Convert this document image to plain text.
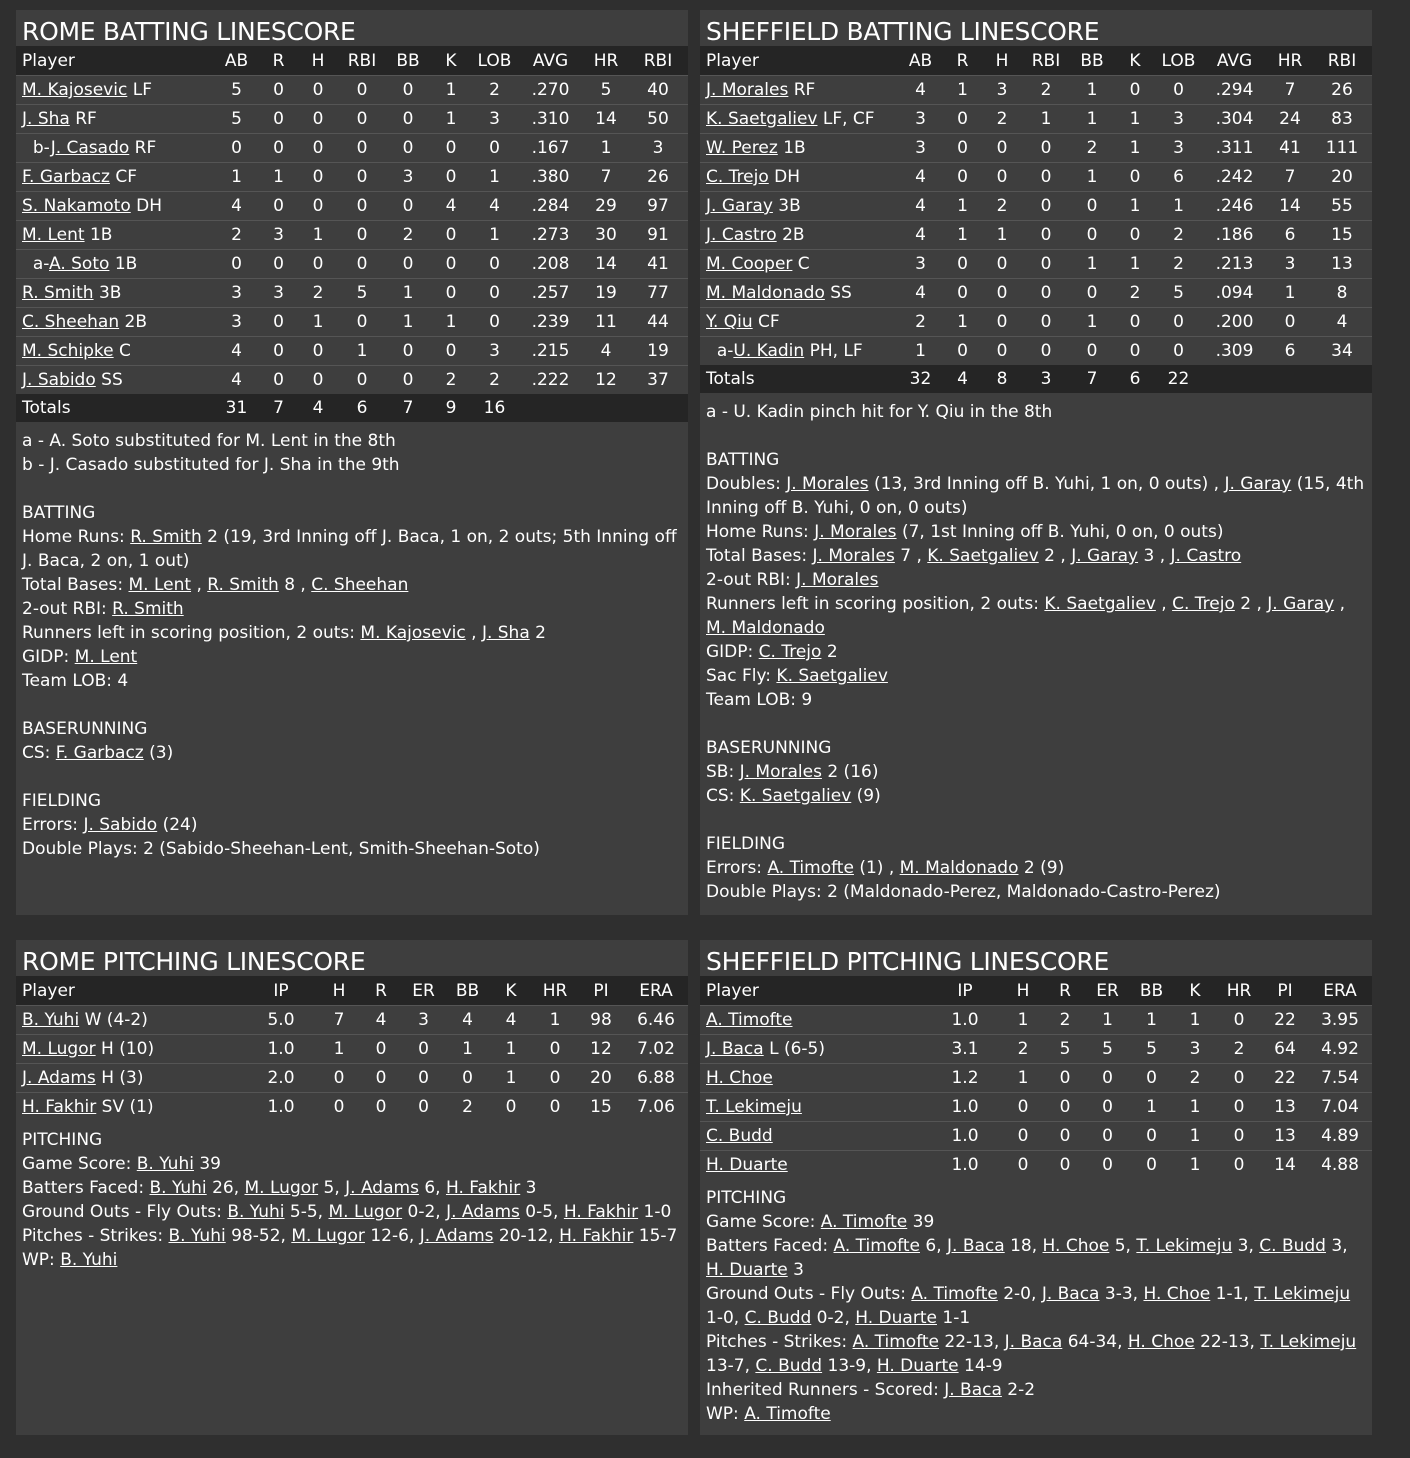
ROME BATTING LINESCORE
Player	AB	R	H	RBI	BB	K	LOB	AVG	HR	RBI
M. Kajosevic LF	5	0	0	0	0	1	2	.270	5	40
J. Sha RF	5	0	0	0	0	1	3	.310	14	50
b-J. Casado RF	0	0	0	0	0	0	0	.167	1	3
F. Garbacz CF	1	1	0	0	3	0	1	.380	7	26
S. Nakamoto DH	4	0	0	0	0	4	4	.284	29	97
M. Lent 1B	2	3	1	0	2	0	1	.273	30	91
a-A. Soto 1B	0	0	0	0	0	0	0	.208	14	41
R. Smith 3B	3	3	2	5	1	0	0	.257	19	77
C. Sheehan 2B	3	0	1	0	1	1	0	.239	11	44
M. Schipke C	4	0	0	1	0	0	3	.215	4	19
J. Sabido SS	4	0	0	0	0	2	2	.222	12	37
Totals	31	7	4	6	7	9	16			
a - A. Soto substituted for M. Lent in the 8th
b - J. Casado substituted for J. Sha in the 9th
BATTING
Home Runs: R. Smith 2 (19, 3rd Inning off J. Baca, 1 on, 2 outs; 5th Inning off J. Baca, 2 on, 1 out)
Total Bases: M. Lent , R. Smith 8 , C. Sheehan
2-out RBI: R. Smith
Runners left in scoring position, 2 outs: M. Kajosevic , J. Sha 2
GIDP: M. Lent
Team LOB: 4
BASERUNNING
CS: F. Garbacz (3)
FIELDING
Errors: J. Sabido (24)
Double Plays: 2 (Sabido-Sheehan-Lent, Smith-Sheehan-Soto)
SHEFFIELD BATTING LINESCORE
Player	AB	R	H	RBI	BB	K	LOB	AVG	HR	RBI
J. Morales RF	4	1	3	2	1	0	0	.294	7	26
K. Saetgaliev LF, CF	3	0	2	1	1	1	3	.304	24	83
W. Perez 1B	3	0	0	0	2	1	3	.311	41	111
C. Trejo DH	4	0	0	0	1	0	6	.242	7	20
J. Garay 3B	4	1	2	0	0	1	1	.246	14	55
J. Castro 2B	4	1	1	0	0	0	2	.186	6	15
M. Cooper C	3	0	0	0	1	1	2	.213	3	13
M. Maldonado SS	4	0	0	0	0	2	5	.094	1	8
Y. Qiu CF	2	1	0	0	1	0	0	.200	0	4
a-U. Kadin PH, LF	1	0	0	0	0	0	0	.309	6	34
Totals	32	4	8	3	7	6	22			
a - U. Kadin pinch hit for Y. Qiu in the 8th
BATTING
Doubles: J. Morales (13, 3rd Inning off B. Yuhi, 1 on, 0 outs) , J. Garay (15, 4th Inning off B. Yuhi, 0 on, 0 outs)
Home Runs: J. Morales (7, 1st Inning off B. Yuhi, 0 on, 0 outs)
Total Bases: J. Morales 7 , K. Saetgaliev 2 , J. Garay 3 , J. Castro
2-out RBI: J. Morales
Runners left in scoring position, 2 outs: K. Saetgaliev , C. Trejo 2 , J. Garay , M. Maldonado
GIDP: C. Trejo 2
Sac Fly: K. Saetgaliev
Team LOB: 9
BASERUNNING
SB: J. Morales 2 (16)
CS: K. Saetgaliev (9)
FIELDING
Errors: A. Timofte (1) , M. Maldonado 2 (9)
Double Plays: 2 (Maldonado-Perez, Maldonado-Castro-Perez)
ROME PITCHING LINESCORE
Player	IP	H	R	ER	BB	K	HR	PI	ERA
B. Yuhi W (4-2)	5.0	7	4	3	4	4	1	98	6.46
M. Lugor H (10)	1.0	1	0	0	1	1	0	12	7.02
J. Adams H (3)	2.0	0	0	0	0	1	0	20	6.88
H. Fakhir SV (1)	1.0	0	0	0	2	0	0	15	7.06
PITCHING
Game Score: B. Yuhi 39
Batters Faced: B. Yuhi 26, M. Lugor 5, J. Adams 6, H. Fakhir 3
Ground Outs - Fly Outs: B. Yuhi 5-5, M. Lugor 0-2, J. Adams 0-5, H. Fakhir 1-0
Pitches - Strikes: B. Yuhi 98-52, M. Lugor 12-6, J. Adams 20-12, H. Fakhir 15-7
WP: B. Yuhi
SHEFFIELD PITCHING LINESCORE
Player	IP	H	R	ER	BB	K	HR	PI	ERA
A. Timofte	1.0	1	2	1	1	1	0	22	3.95
J. Baca L (6-5)	3.1	2	5	5	5	3	2	64	4.92
H. Choe	1.2	1	0	0	0	2	0	22	7.54
T. Lekimeju	1.0	0	0	0	1	1	0	13	7.04
C. Budd	1.0	0	0	0	0	1	0	13	4.89
H. Duarte	1.0	0	0	0	0	1	0	14	4.88
PITCHING
Game Score: A. Timofte 39
Batters Faced: A. Timofte 6, J. Baca 18, H. Choe 5, T. Lekimeju 3, C. Budd 3, H. Duarte 3
Ground Outs - Fly Outs: A. Timofte 2-0, J. Baca 3-3, H. Choe 1-1, T. Lekimeju 1-0, C. Budd 0-2, H. Duarte 1-1
Pitches - Strikes: A. Timofte 22-13, J. Baca 64-34, H. Choe 22-13, T. Lekimeju 13-7, C. Budd 13-9, H. Duarte 14-9
Inherited Runners - Scored: J. Baca 2-2
WP: A. Timofte
